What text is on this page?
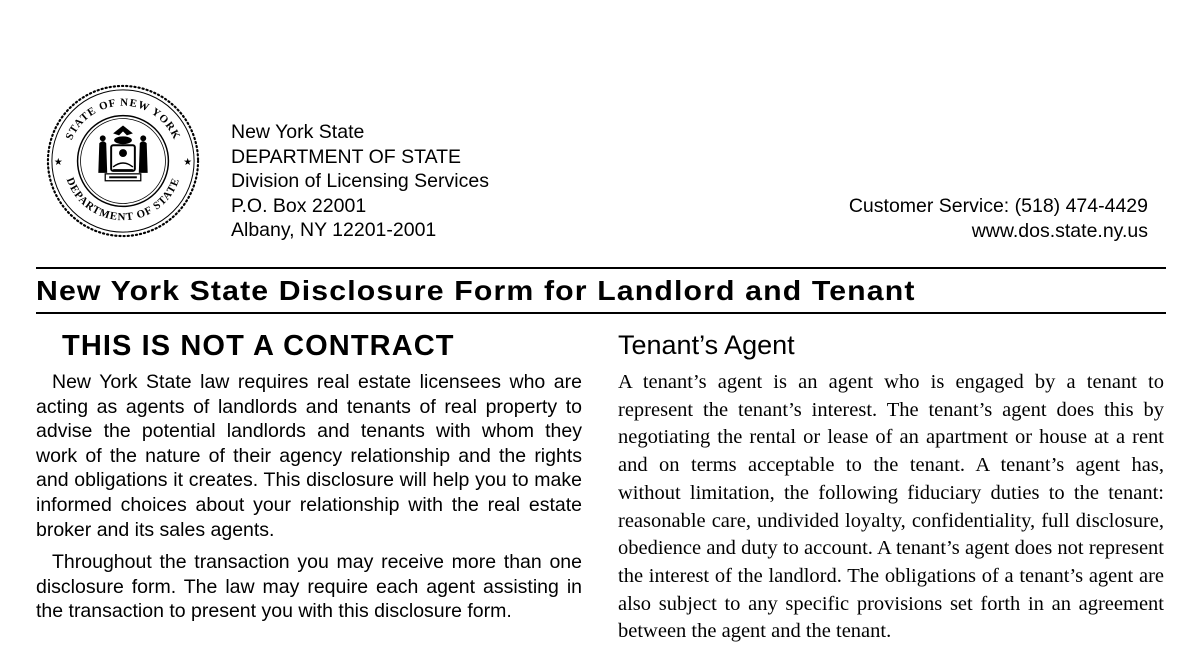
STATE OF NEW YORK
DEPARTMENT OF STATE
★	★
New York State
DEPARTMENT OF STATE
Division of Licensing Services
P.O. Box 22001
Albany, NY 12201-2001
Customer Service: (518) 474-4429
www.dos.state.ny.us
New York State Disclosure Form for Landlord and Tenant
THIS IS NOT A CONTRACT

New York State law requires real estate licensees who are acting as agents of landlords and tenants of real property to advise the potential landlords and tenants with whom they work of the nature of their agency relationship and the rights and obligations it creates. This disclosure will help you to make informed choices about your relationship with the real estate broker and its sales agents.

Throughout the transaction you may receive more than one disclosure form. The law may require each agent assisting in the transaction to present you with this disclosure form.

Tenant’s Agent

A tenant’s agent is an agent who is engaged by a tenant to represent the tenant’s interest. The tenant’s agent does this by negotiating the rental or lease of an apartment or house at a rent and on terms acceptable to the tenant. A tenant’s agent has, without limitation, the following fiduciary duties to the tenant: reasonable care, undivided loyalty, confidentiality, full disclosure, obedience and duty to account. A tenant’s agent does not represent the interest of the landlord. The obligations of a tenant’s agent are also subject to any specific provisions set forth in an agreement between the agent and the tenant.
